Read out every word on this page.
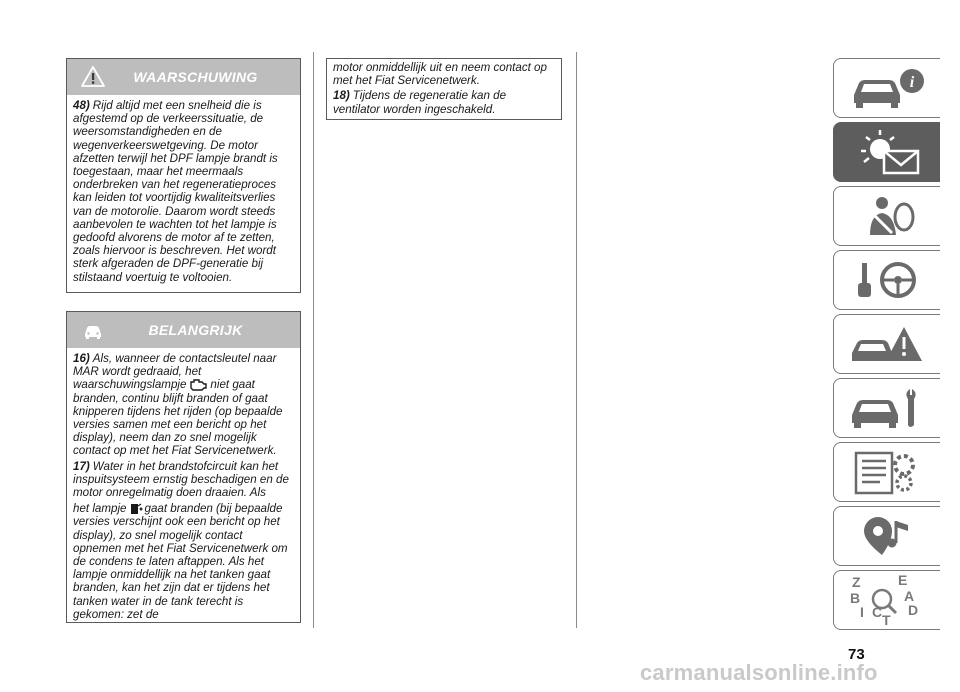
WAARSCHUWING

48) Rijd altijd met een snelheid die is afgestemd op de verkeerssituatie, de weersomstandigheden en de wegenverkeerswetgeving. De motor afzetten terwijl het DPF lampje brandt is toegestaan, maar het meermaals onderbreken van het regeneratieproces kan leiden tot voortijdig kwaliteitsverlies van de motorolie. Daarom wordt steeds aanbevolen te wachten tot het lampje is gedoofd alvorens de motor af te zetten, zoals hiervoor is beschreven. Het wordt sterk afgeraden de DPF-generatie bij stilstaand voertuig te voltooien.

BELANGRIJK

16) Als, wanneer de contactsleutel naar MAR wordt gedraaid, het waarschuwingslampje niet gaat branden, continu blijft branden of gaat knipperen tijdens het rijden (op bepaalde versies samen met een bericht op het display), neem dan zo snel mogelijk contact op met het Fiat Servicenetwerk.

17) Water in het brandstofcircuit kan het inspuitsysteem ernstig beschadigen en de motor onregelmatig doen draaien. Als

het lampje gaat branden (bij bepaalde versies verschijnt ook een bericht op het display), zo snel mogelijk contact opnemen met het Fiat Servicenetwerk om de condens te laten aftappen. Als het lampje onmiddellijk na het tanken gaat branden, kan het zijn dat er tijdens het tanken water in de tank terecht is gekomen: zet de

motor onmiddellijk uit en neem contact op met het Fiat Servicenetwerk.

18) Tijdens de regeneratie kan de ventilator worden ingeschakeld.

i
Z	E
B	A
I C T
D
73
carmanualsonline.info
